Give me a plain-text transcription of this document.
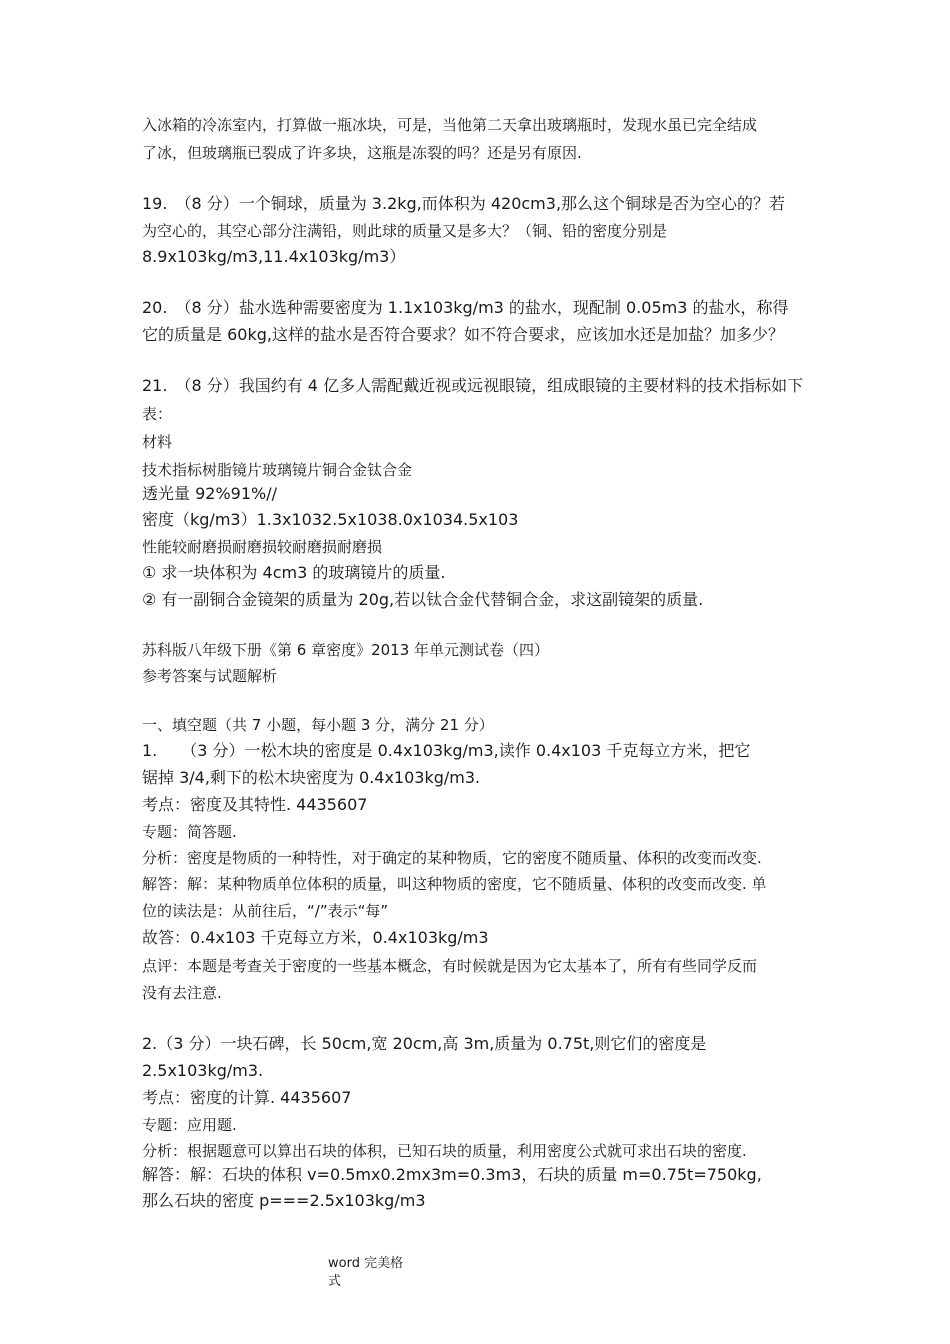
入冰箱的冷冻室内，打算做一瓶冰块，可是，当他第二天拿出玻璃瓶时，发现水虽已完全结成
了冰，但玻璃瓶已裂成了许多块，这瓶是冻裂的吗？还是另有原因.
19.　（8 分）一个铜球，质量为 3.2kg,而体积为 420cm3,那么这个铜球是否为空心的？若
为空心的，其空心部分注满铅，则此球的质量又是多大？（铜、铅的密度分别是
8.9x103kg/m3,11.4x103kg/m3）
20.　（8 分）盐水选种需要密度为 1.1x103kg/m3 的盐水，现配制 0.05m3 的盐水，称得
它的质量是 60kg,这样的盐水是否符合要求？如不符合要求，应该加水还是加盐？加多少？
21.　（8 分）我国约有 4 亿多人需配戴近视或远视眼镜，组成眼镜的主要材料的技术指标如下
表：
材料
技术指标树脂镜片玻璃镜片铜合金钛合金
透光量 92%91%//
密度（kg/m3）1.3x1032.5x1038.0x1034.5x103
性能较耐磨损耐磨损较耐磨损耐磨损
① 求一块体积为 4cm3 的玻璃镜片的质量.
② 有一副铜合金镜架的质量为 20g,若以钛合金代替铜合金，求这副镜架的质量.
苏科版八年级下册《第 6 章密度》2013 年单元测试卷（四）
参考答案与试题解析
一、填空题（共 7 小题，每小题 3 分，满分 21 分）
1.　　（3 分）一松木块的密度是 0.4x103kg/m3,读作 0.4x103 千克每立方米，把它
锯掉 3/4,剩下的松木块密度为 0.4x103kg/m3.
考点：密度及其特性. 4435607
专题：简答题.
分析：密度是物质的一种特性，对于确定的某种物质，它的密度不随质量、体积的改变而改变.
解答：解：某种物质单位体积的质量，叫这种物质的密度，它不随质量、体积的改变而改变. 单
位的读法是：从前往后，“/”表示“每”
故答：0.4x103 千克每立方米，0.4x103kg/m3
点评：本题是考查关于密度的一些基本概念，有时候就是因为它太基本了，所有有些同学反而
没有去注意.
2.（3 分）一块石碑，长 50cm,宽 20cm,高 3m,质量为 0.75t,则它们的密度是
2.5x103kg/m3.
考点：密度的计算. 4435607
专题：应用题.
分析：根据题意可以算出石块的体积，已知石块的质量，利用密度公式就可求出石块的密度.
解答：解：石块的体积 v=0.5mx0.2mx3m=0.3m3，石块的质量 m=0.75t=750kg,
那么石块的密度 p===2.5x103kg/m3
word 完美格
式
